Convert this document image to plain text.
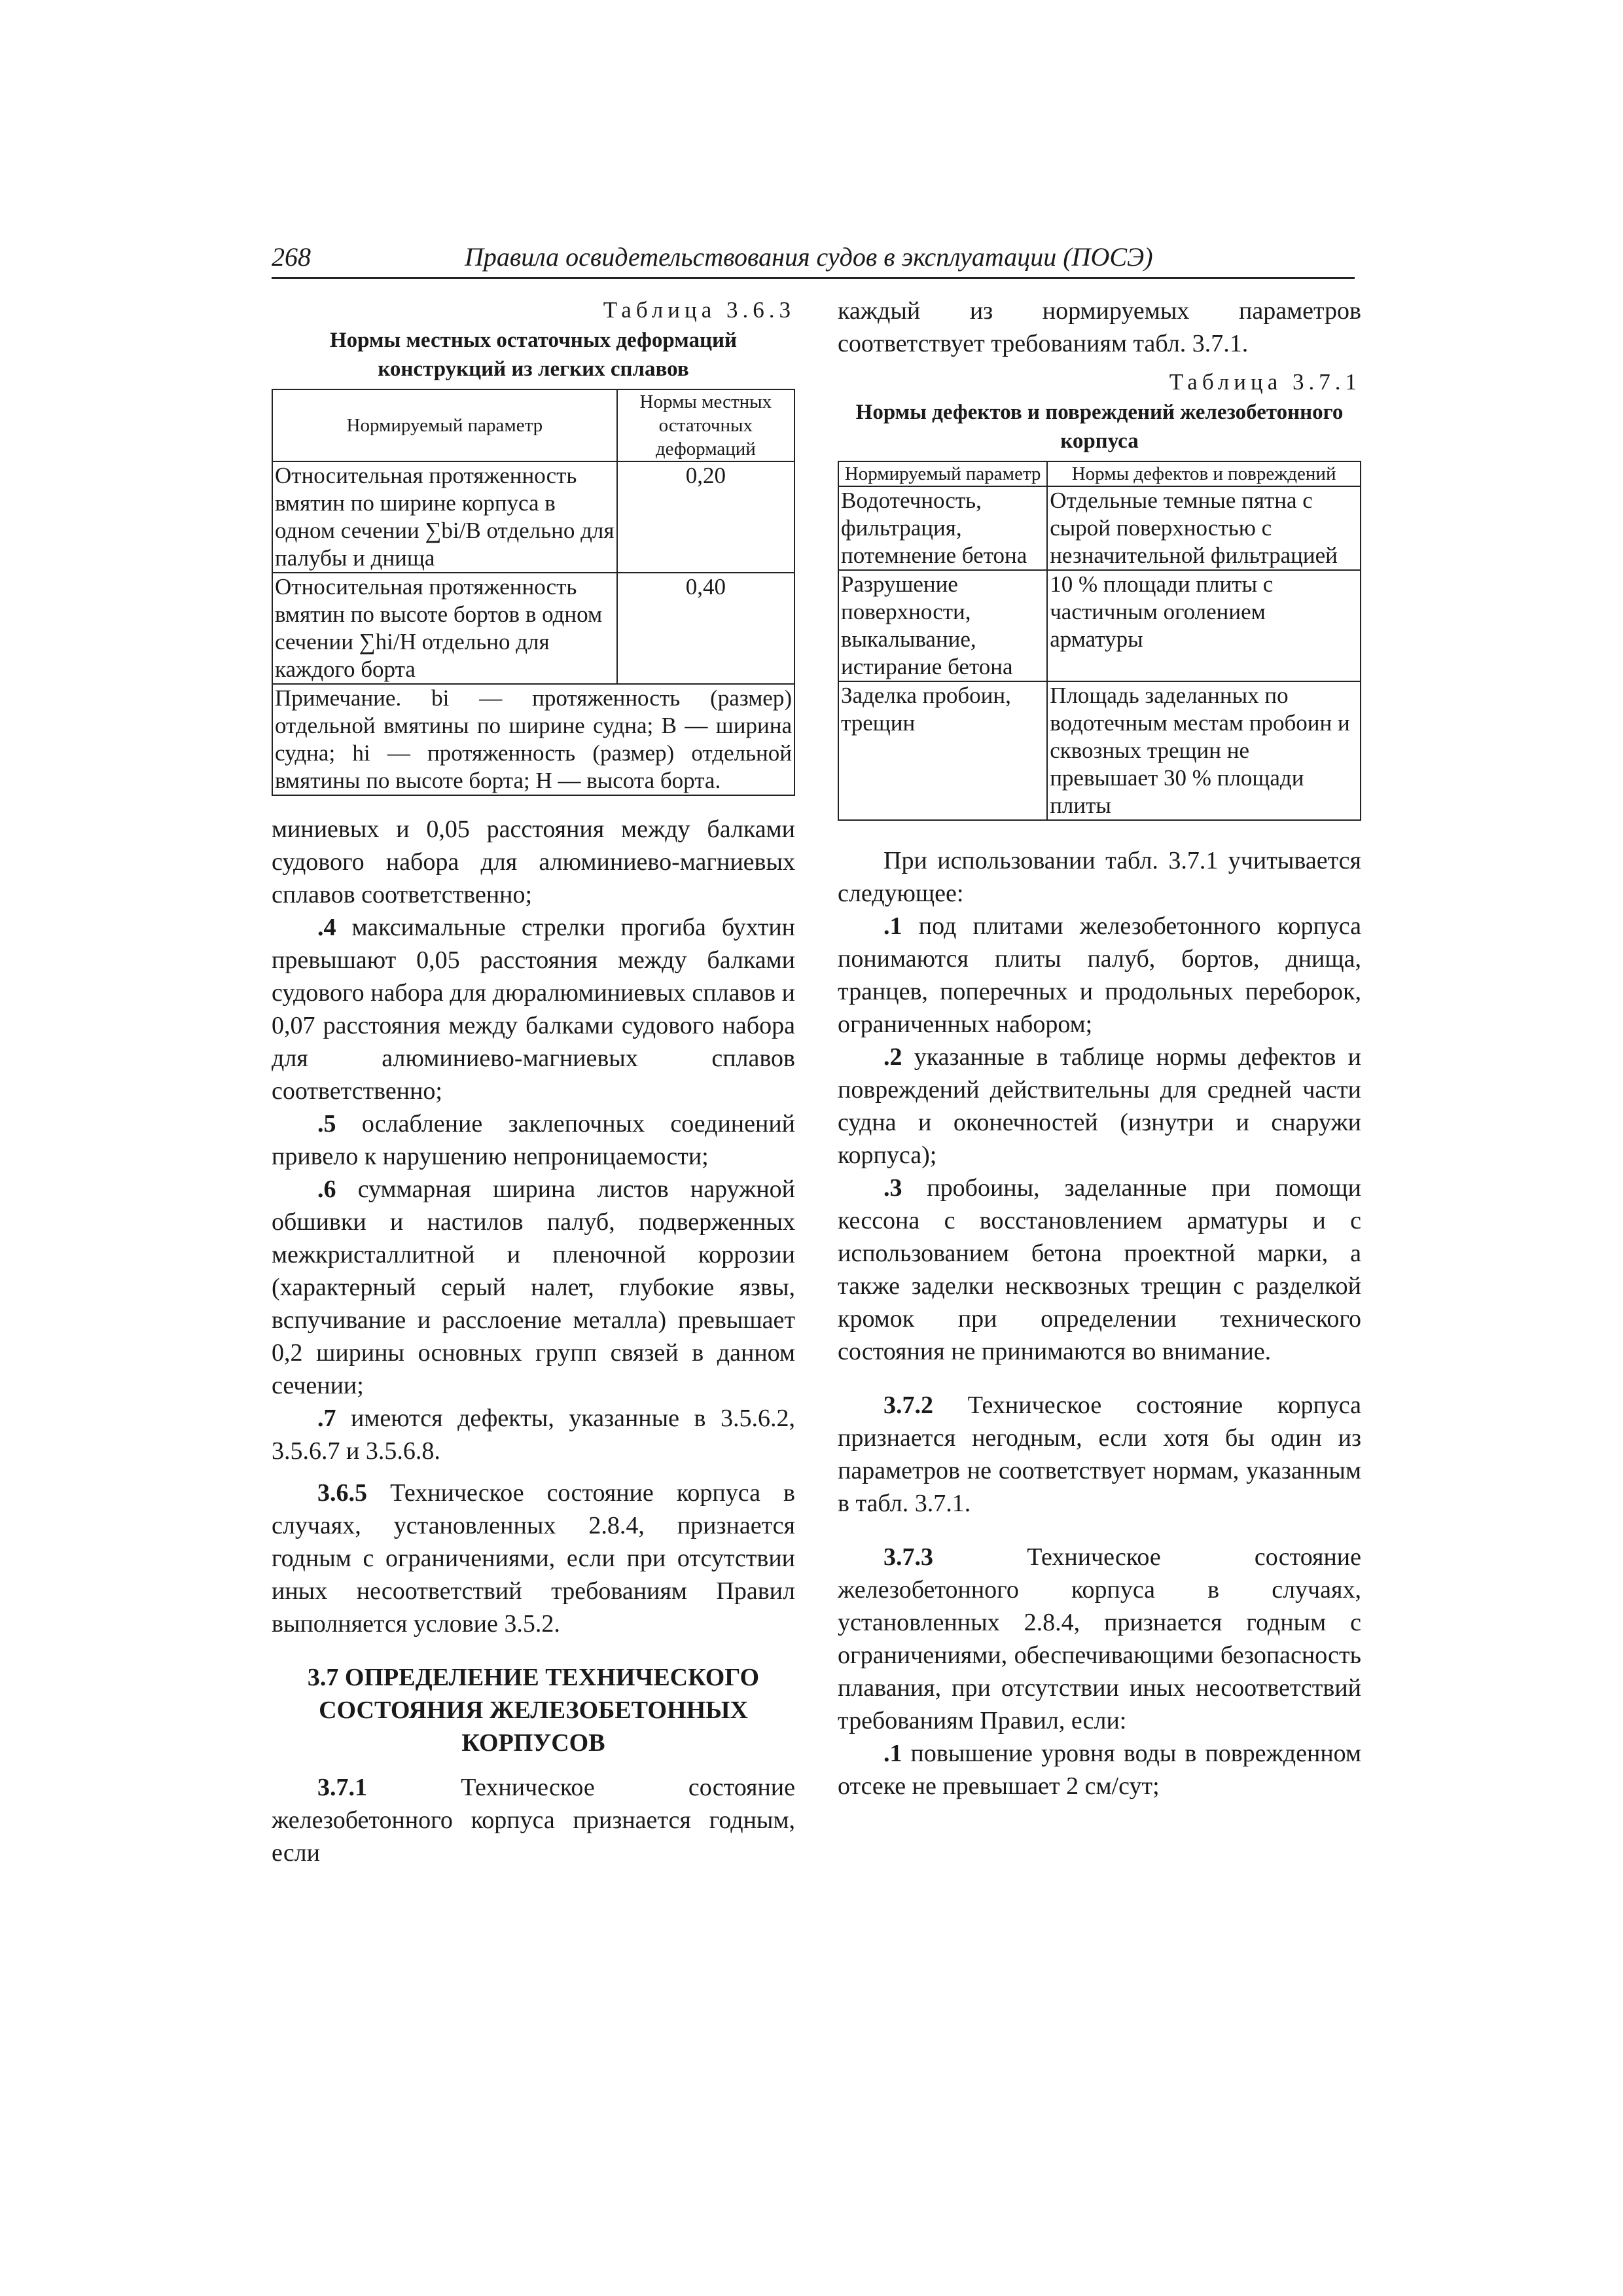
268	Правила освидетельствования судов в эксплуатации (ПОСЭ)
Таблица 3.6.3
Нормы местных остаточных деформаций конструкций из легких сплавов
Нормируемый параметр	Нормы местных остаточных деформаций
Относительная протяженность вмятин по ширине корпуса в одном сечении ∑bi/B отдельно для палубы и днища	0,20
Относительная протяженность вмятин по высоте бортов в одном сечении ∑hi/H отдельно для каждого борта	0,40
Примечание. bi — протяженность (размер) отдельной вмятины по ширине судна; B — ширина судна; hi — протяженность (размер) отдельной вмятины по высоте борта; H — высота борта.	

миниевых и 0,05 расстояния между балками судового набора для алюминиево-магниевых сплавов соответственно;

.4 максимальные стрелки прогиба бухтин превышают 0,05 расстояния между балками судового набора для дюралюминиевых сплавов и 0,07 расстояния между балками судового набора для алюминиево-магниевых сплавов соответственно;

.5 ослабление заклепочных соединений привело к нарушению непроницаемости;

.6 суммарная ширина листов наружной обшивки и настилов палуб, подверженных межкристаллитной и пленочной коррозии (характерный серый налет, глубокие язвы, вспучивание и расслоение металла) превышает 0,2 ширины основных групп связей в данном сечении;

.7 имеются дефекты, указанные в 3.5.6.2, 3.5.6.7 и 3.5.6.8.

3.6.5 Техническое состояние корпуса в случаях, установленных 2.8.4, признается годным с ограничениями, если при отсутствии иных несоответствий требованиям Правил выполняется условие 3.5.2.

3.7 ОПРЕДЕЛЕНИЕ ТЕХНИЧЕСКОГО СОСТОЯНИЯ ЖЕЛЕЗОБЕТОННЫХ КОРПУСОВ

3.7.1 Техническое состояние железобетонного корпуса признается годным, если

каждый из нормируемых параметров соответствует требованиям табл. 3.7.1.

Таблица 3.7.1
Нормы дефектов и повреждений железобетонного корпуса
Нормируемый параметр	Нормы дефектов и повреждений
Водотечность, фильтрация, потемнение бетона	Отдельные темные пятна с сырой поверхностью с незначительной фильтрацией
Разрушение поверхности, выкалывание, истирание бетона	10 % площади плиты с частичным оголением арматуры
Заделка пробоин, трещин	Площадь заделанных по водотечным местам пробоин и сквозных трещин не превышает 30 % площади плиты

При использовании табл. 3.7.1 учитывается следующее:

.1 под плитами железобетонного корпуса понимаются плиты палуб, бортов, днища, транцев, поперечных и продольных переборок, ограниченных набором;

.2 указанные в таблице нормы дефектов и повреждений действительны для средней части судна и оконечностей (изнутри и снаружи корпуса);

.3 пробоины, заделанные при помощи кессона с восстановлением арматуры и с использованием бетона проектной марки, а также заделки несквозных трещин с разделкой кромок при определении технического состояния не принимаются во внимание.

3.7.2 Техническое состояние корпуса признается негодным, если хотя бы один из параметров не соответствует нормам, указанным в табл. 3.7.1.

3.7.3 Техническое состояние железобетонного корпуса в случаях, установленных 2.8.4, признается годным с ограничениями, обеспечивающими безопасность плавания, при отсутствии иных несоответствий требованиям Правил, если:

.1 повышение уровня воды в поврежденном отсеке не превышает 2 см/сут;
